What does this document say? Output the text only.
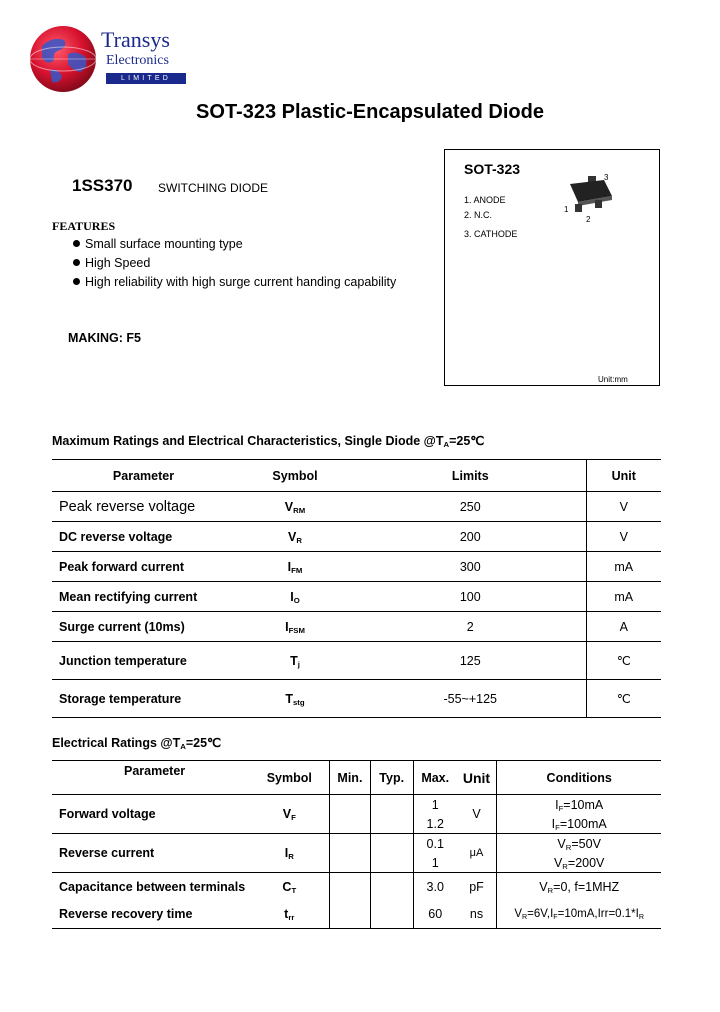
Transys
Electronics
LIMITED
SOT-323 Plastic-Encapsulated Diode
1SS370 SWITCHING DIODE
FEATURES
Small surface mounting type
High Speed
High reliability with high surge current handing capability
MAKING: F5
SOT-323
1. ANODE
2. N.C.
3. CATHODE
1
2
3
Unit:mm
Maximum Ratings and Electrical Characteristics, Single Diode $@T_A=25℃$
Parameter	Symbol	Limits	Unit
Peak reverse voltage	$V_{RM}$	250	V
DC reverse voltage	$V_R$	200	V
Peak forward current	$I_{FM}$	300	mA
Mean rectifying current	$I_O$	100	mA
Surge current (10ms)	$I_{FSM}$	2	A
Junction temperature	$T_j$	125	℃
Storage temperature	$T_{stg}$	-55~+125	℃
Electrical Ratings $@T_A=25℃$
Parameter	Symbol	Min.	Typ.	Max.	Unit	Conditions
Forward voltage	$V_F$			1	V	$I_F=10mA$
				1.2		$I_F=100mA$
Reverse current	$I_R$			0.1	μA	$V_R=50V$
				1		$V_R=200V$
Capacitance between terminals	$C_T$			3.0	pF	$V_R=0$, f=1MHZ
Reverse recovery time	$t_{rr}$			60	ns	$V_R=6V,I_F=10mA,Irr=0.1*I_R$
